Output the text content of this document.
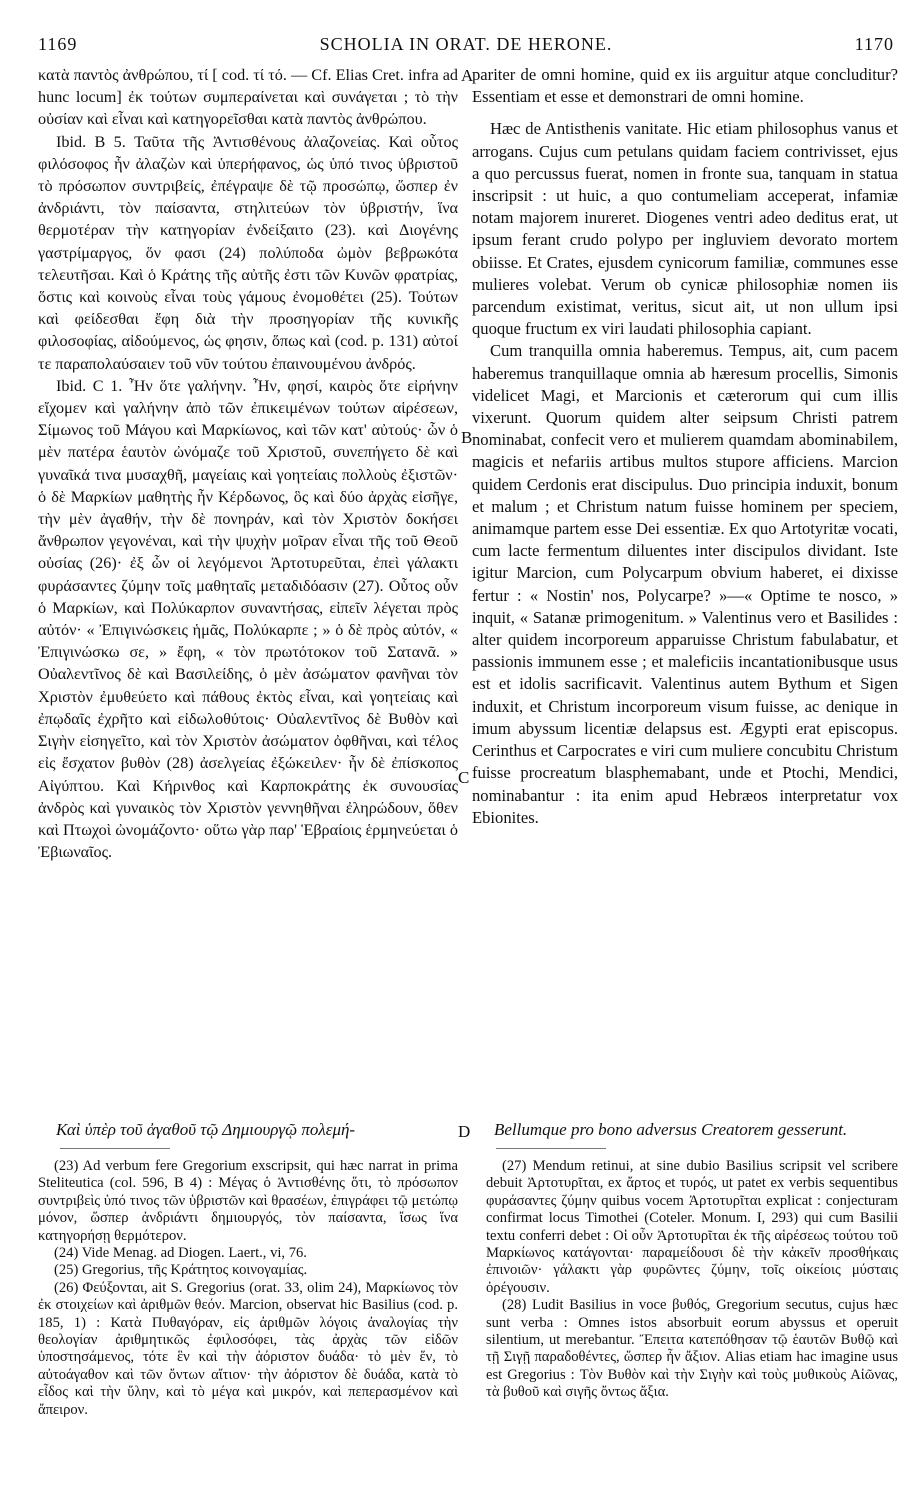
1169	SCHOLIA IN ORAT. DE HERONE.	1170

κατὰ παντὸς ἀνθρώπου, τί [ cod. τί τό. — Cf. Elias Cret. infra ad hunc locum] ἐκ τούτων συμπεραίνεται καὶ συνάγεται ; τὸ τὴν οὐσίαν καὶ εἶναι καὶ κατηγορεῖσθαι κατὰ παντὸς ἀνθρώπου.

Ibid. B 5. Ταῦτα τῆς Ἀντισθένους ἀλαζονείας. Καὶ οὗτος φιλόσοφος ἦν ἀλαζὼν καὶ ὑπερήφανος, ὡς ὑπό τινος ὑβριστοῦ τὸ πρόσωπον συντριβείς, ἐπέγραψε δὲ τῷ προσώπῳ, ὥσπερ ἐν ἀνδριάντι, τὸν παίσαντα, στηλιτεύων τὸν ὑβριστήν, ἵνα θερμοτέραν τὴν κατηγορίαν ἐνδείξαιτο (23). καὶ Διογένης γαστρίμαργος, ὅν φασι (24) πολύποδα ὠμὸν βεβρωκότα τελευτῆσαι. Καὶ ὁ Κράτης τῆς αὐτῆς ἐστι τῶν Κυνῶν φρατρίας, ὅστις καὶ κοινοὺς εἶναι τοὺς γάμους ἐνομοθέτει (25). Τούτων καὶ φείδεσθαι ἔφη διὰ τὴν προσηγορίαν τῆς κυνικῆς φιλοσοφίας, αἰδούμενος, ὡς φησιν, ὅπως καὶ (cod. p. 131) αὐτοί τε παραπολαύσαιεν τοῦ νῦν τούτου ἐπαινουμένου ἀνδρός.

Ibid. C 1. Ἦν ὅτε γαλήνην. Ἦν, φησί, καιρὸς ὅτε εἰρήνην εἴχομεν καὶ γαλήνην ἀπὸ τῶν ἐπικειμένων τούτων αἱρέσεων, Σίμωνος τοῦ Μάγου καὶ Μαρκίωνος, καὶ τῶν κατ' αὐτούς· ὧν ὁ μὲν πατέρα ἑαυτὸν ὠνόμαζε τοῦ Χριστοῦ, συνεπήγετο δὲ καὶ γυναῖκά τινα μυσαχθῆ, μαγείαις καὶ γοητείαις πολλοὺς ἐξιστῶν· ὁ δὲ Μαρκίων μαθητὴς ἦν Κέρδωνος, ὃς καὶ δύο ἀρχὰς εἰσῆγε, τὴν μὲν ἀγαθήν, τὴν δὲ πονηράν, καὶ τὸν Χριστὸν δοκήσει ἄνθρωπον γεγονέναι, καὶ τὴν ψυχὴν μοῖραν εἶναι τῆς τοῦ Θεοῦ οὐσίας (26)· ἐξ ὧν οἱ λεγόμενοι Ἀρτοτυρεῦται, ἐπεὶ γάλακτι φυράσαντες ζύμην τοῖς μαθηταῖς μεταδιδόασιν (27). Οὗτος οὖν ὁ Μαρκίων, καὶ Πολύκαρπον συναντήσας, εἰπεῖν λέγεται πρὸς αὐτόν· « Ἐπιγινώσκεις ἡμᾶς, Πολύκαρπε ; » ὁ δὲ πρὸς αὐτόν, « Ἐπιγινώσκω σε, » ἔφη, « τὸν πρωτότοκον τοῦ Σατανᾶ. » Οὐαλεντῖνος δὲ καὶ Βασιλείδης, ὁ μὲν ἀσώματον φανῆναι τὸν Χριστὸν ἐμυθεύετο καὶ πάθους ἐκτὸς εἶναι, καὶ γοητείαις καὶ ἐπῳδαῖς ἐχρῆτο καὶ εἰδωλοθύτοις· Οὐαλεντῖνος δὲ Βυθὸν καὶ Σιγὴν εἰσηγεῖτο, καὶ τὸν Χριστὸν ἀσώματον ὀφθῆναι, καὶ τέλος εἰς ἔσχατον βυθὸν (28) ἀσελγείας ἐξώκειλεν· ἦν δὲ ἐπίσκοπος Αἰγύπτου. Καὶ Κήρινθος καὶ Καρποκράτης ἐκ συνουσίας ἀνδρὸς καὶ γυναικὸς τὸν Χριστὸν γεννηθῆναι ἐληρώδουν, ὅθεν καὶ Πτωχοὶ ὠνομάζοντο· οὕτω γὰρ παρ' Ἑβραίοις ἑρμηνεύεται ὁ Ἐβιωναῖος.

pariter de omni homine, quid ex iis arguitur atque concluditur? Essentiam et esse et demonstrari de omni homine.

Hæc de Antisthenis vanitate. Hic etiam philosophus vanus et arrogans. Cujus cum petulans quidam faciem contrivisset, ejus a quo percussus fuerat, nomen in fronte sua, tanquam in statua inscripsit : ut huic, a quo contumeliam acceperat, infamiæ notam majorem inureret. Diogenes ventri adeo deditus erat, ut ipsum ferant crudo polypo per ingluviem devorato mortem obiisse. Et Crates, ejusdem cynicorum familiæ, communes esse mulieres volebat. Verum ob cynicæ philosophiæ nomen iis parcendum existimat, veritus, sicut ait, ut non ullum ipsi quoque fructum ex viri laudati philosophia capiant.

Cum tranquilla omnia haberemus. Tempus, ait, cum pacem haberemus tranquillaque omnia ab hæresum procellis, Simonis videlicet Magi, et Marcionis et cæterorum qui cum illis vixerunt. Quorum quidem alter seipsum Christi patrem nominabat, confecit vero et mulierem quamdam abominabilem, magicis et nefariis artibus multos stupore afficiens. Marcion quidem Cerdonis erat discipulus. Duo principia induxit, bonum et malum ; et Christum natum fuisse hominem per speciem, animamque partem esse Dei essentiæ. Ex quo Artotyritæ vocati, cum lacte fermentum diluentes inter discipulos dividant. Iste igitur Marcion, cum Polycarpum obvium haberet, ei dixisse fertur : « Nostin' nos, Polycarpe? »—« Optime te nosco, » inquit, « Satanæ primogenitum. » Valentinus vero et Basilides : alter quidem incorporeum apparuisse Christum fabulabatur, et passionis immunem esse ; et maleficiis incantationibusque usus est et idolis sacrificavit. Valentinus autem Bythum et Sigen induxit, et Christum incorporeum visum fuisse, ac denique in imum abyssum licentiæ delapsus est. Ægypti erat episcopus. Cerinthus et Carpocrates e viri cum muliere concubitu Christum fuisse procreatum blasphemabant, unde et Ptochi, Mendici, nominabantur : ita enim apud Hebræos interpretatur vox Ebionites.

A
B
C
D
Καὶ ὑπὲρ τοῦ ἀγαθοῦ τῷ Δημιουργῷ πολεμή-	Bellumque pro bono adversus Creatorem gesserunt.

(23) Ad verbum fere Gregorium exscripsit, qui hæc narrat in prima Steliteutica (col. 596, B 4) : Μέγας ὁ Ἀντισθένης ὅτι, τὸ πρόσωπον συντριβεὶς ὑπό τινος τῶν ὑβριστῶν καὶ θρασέων, ἐπιγράφει τῷ μετώπῳ μόνον, ὥσπερ ἀνδριάντι δημιουργός, τὸν παίσαντα, ἴσως ἵνα κατηγορήσῃ θερμότερον.

(24) Vide Menag. ad Diogen. Laert., vi, 76.

(25) Gregorius, τῆς Κράτητος κοινογαμίας.

(26) Φεύξονται, ait S. Gregorius (orat. 33, olim 24), Μαρκίωνος τὸν ἐκ στοιχείων καὶ ἀριθμῶν θεόν. Marcion, observat hic Basilius (cod. p. 185, 1) : Κατὰ Πυθαγόραν, εἰς ἀριθμῶν λόγοις ἀναλογίας τὴν θεολογίαν ἀριθμητικῶς ἐφιλοσόφει, τὰς ἀρχὰς τῶν εἰδῶν ὑποστησάμενος, τότε ἓν καὶ τὴν ἀόριστον δυάδα· τὸ μὲν ἕν, τὸ αὐτοάγαθον καὶ τῶν ὄντων αἴτιον· τὴν ἀόριστον δὲ δυάδα, κατὰ τὸ εἶδος καὶ τὴν ὕλην, καὶ τὸ μέγα καὶ μικρόν, καὶ πεπερασμένον καὶ ἄπειρον.

(27) Mendum retinui, at sine dubio Basilius scripsit vel scribere debuit Ἀρτοτυρῖται, ex ἄρτος et τυρός, ut patet ex verbis sequentibus φυράσαντες ζύμην quibus vocem Ἀρτοτυρῖται explicat : conjecturam confirmat locus Timothei (Coteler. Monum. I, 293) qui cum Basilii textu conferri debet : Οἱ οὖν Ἀρτοτυρῖται ἐκ τῆς αἱρέσεως τούτου τοῦ Μαρκίωνος κατάγονται· παραμείδουσι δὲ τὴν κἀκεῖν προσθήκαις ἐπινοιῶν· γάλακτι γὰρ φυρῶντες ζύμην, τοῖς οἰκείοις μύσταις ὀρέγουσιν.

(28) Ludit Basilius in voce βυθός, Gregorium secutus, cujus hæc sunt verba : Omnes istos absorbuit eorum abyssus et operuit silentium, ut merebantur. Ἔπειτα κατεπόθησαν τῷ ἑαυτῶν Βυθῷ καὶ τῇ Σιγῇ παραδοθέντες, ὥσπερ ἦν ἄξιον. Alias etiam hac imagine usus est Gregorius : Τὸν Βυθὸν καὶ τὴν Σιγὴν καὶ τοὺς μυθικοὺς Αἰῶνας, τὰ βυθοῦ καὶ σιγῆς ὄντως ἄξια.
